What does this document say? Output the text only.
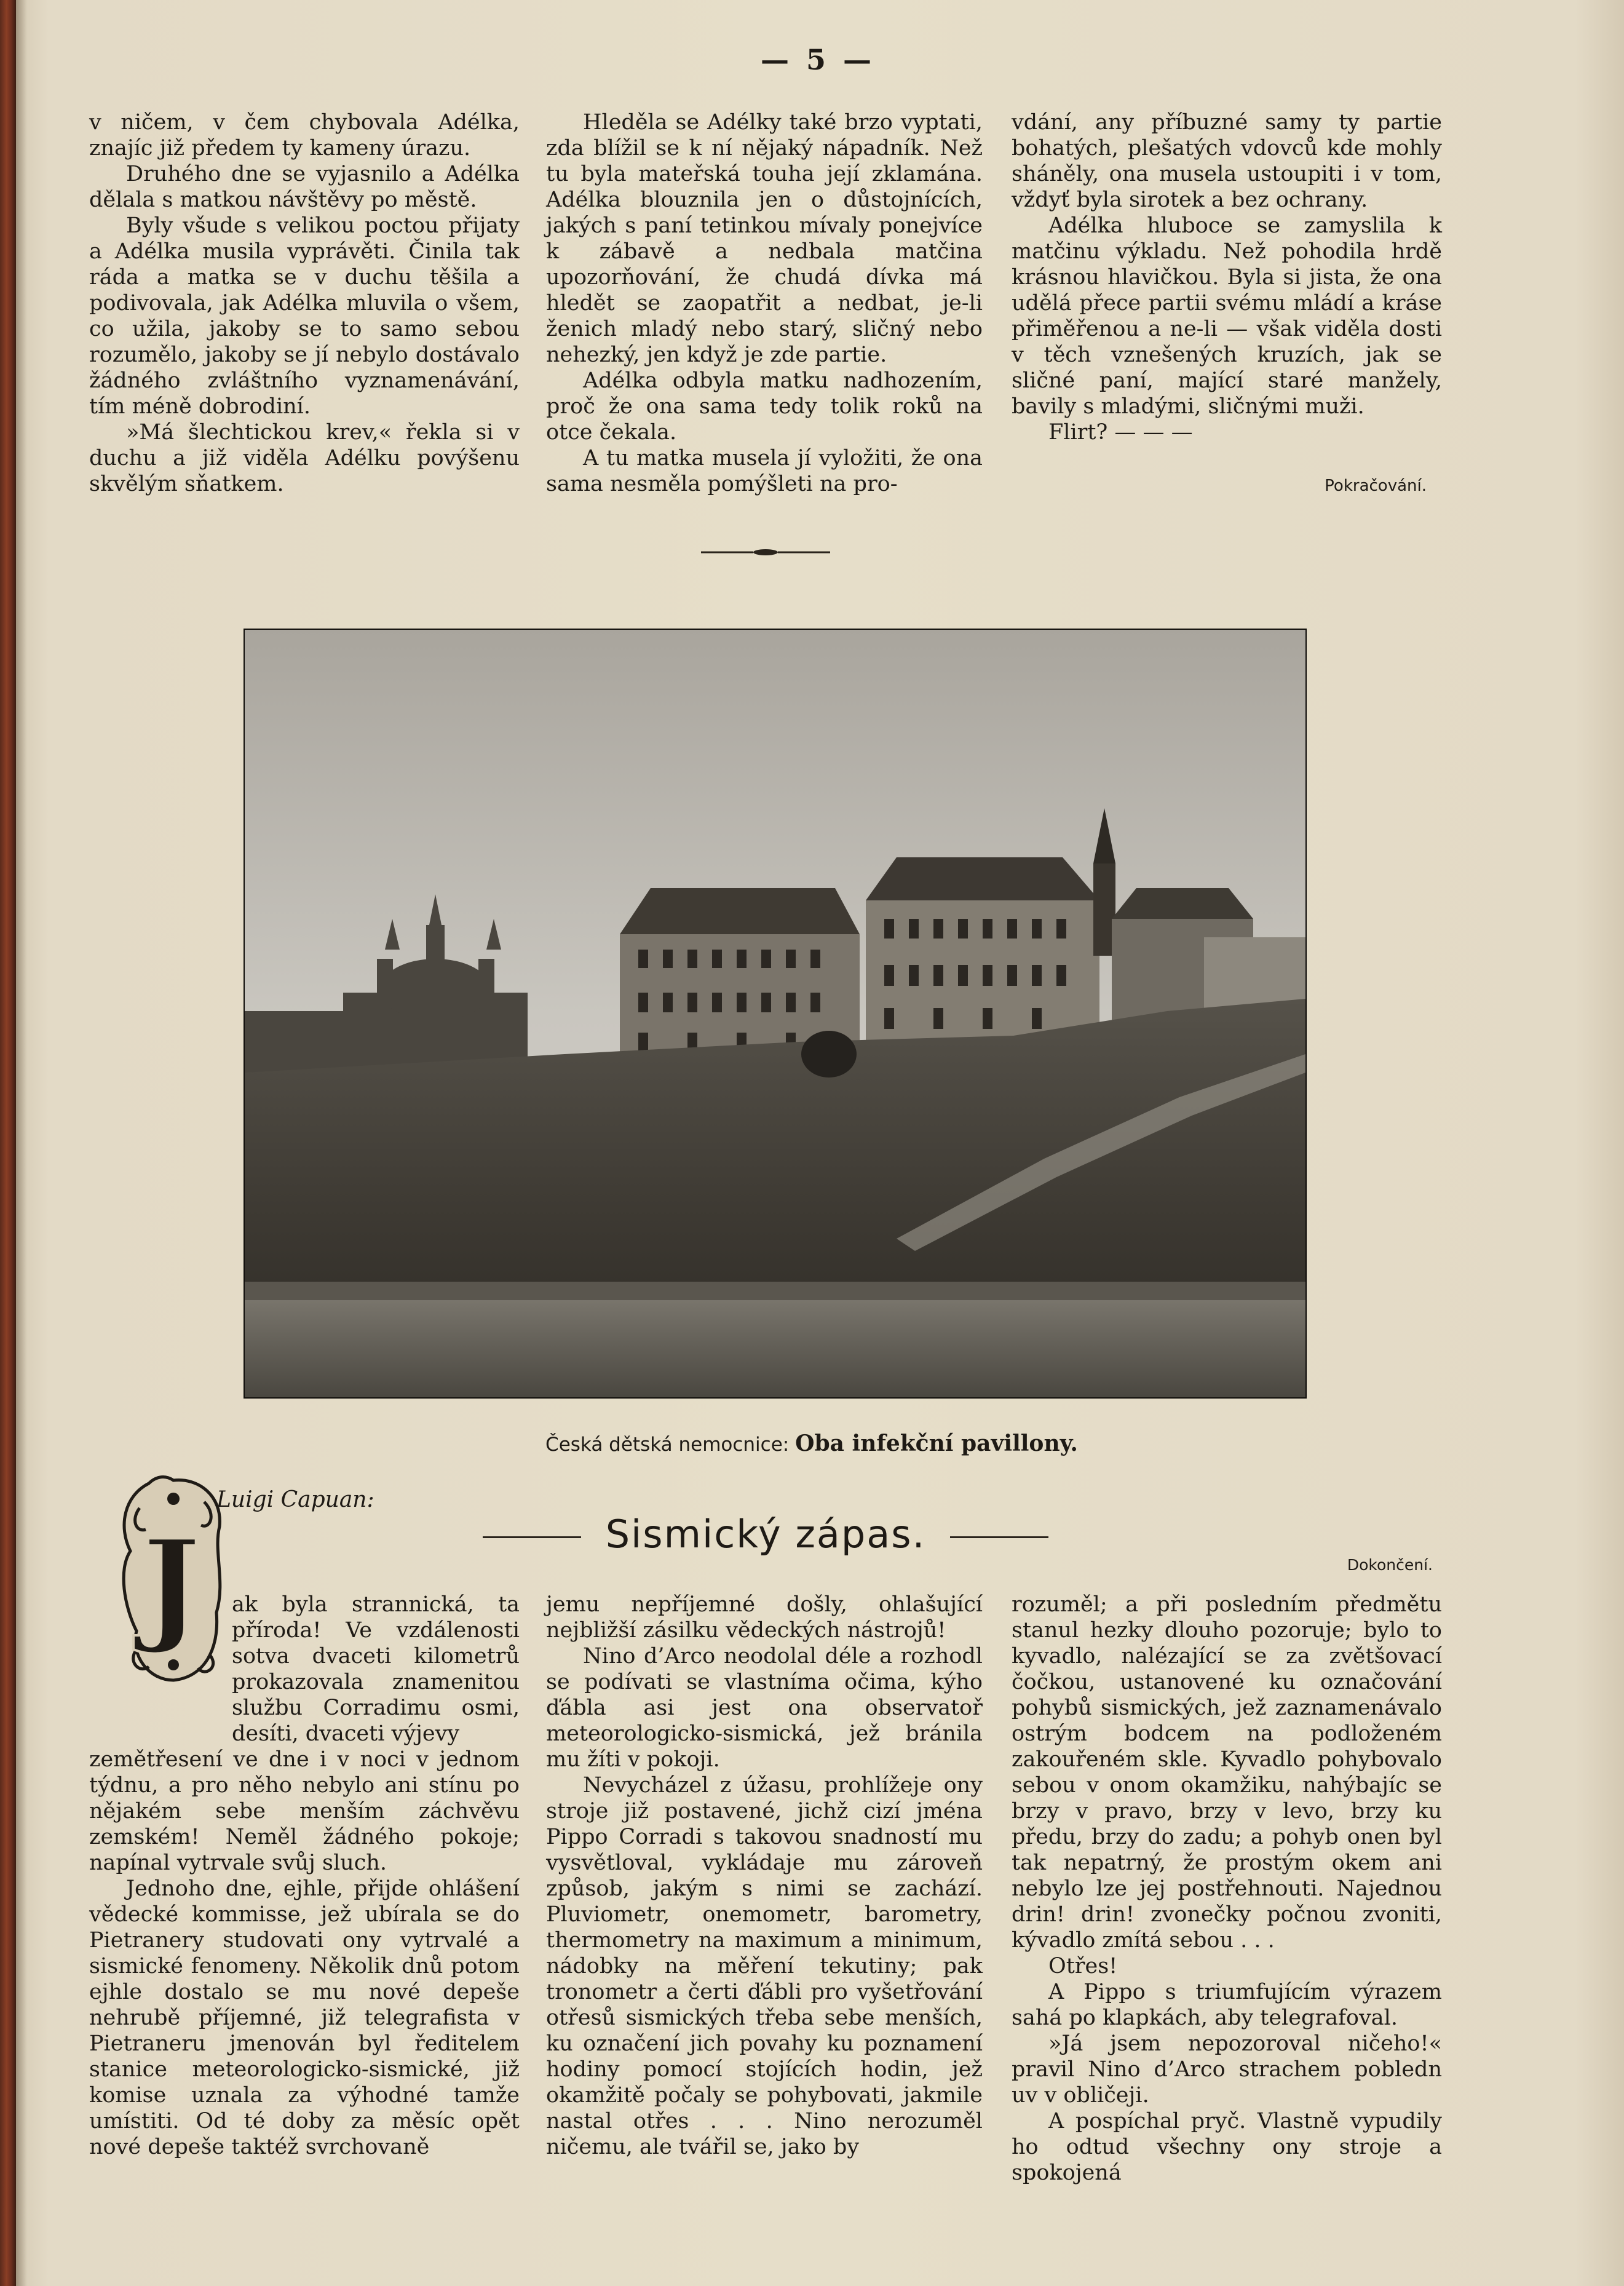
— 5 —

v ničem, v čem chybovala Adélka, znajíc již předem ty kameny úrazu.

Druhého dne se vyjasnilo a Adélka dělala s matkou návštěvy po městě.

Byly všude s velikou poctou přijaty a Adélka musila vyprávěti. Činila tak ráda a matka se v duchu těšila a podivovala, jak Adélka mluvila o všem, co užila, jakoby se to samo sebou rozumělo, jakoby se jí nebylo dostávalo žádného zvláštního vyznamenávání, tím méně dobrodiní.

»Má šlechtickou krev,« řekla si v duchu a již viděla Adélku povýšenu skvělým sňatkem.

Hleděla se Adélky také brzo vyptati, zda blížil se k ní nějaký nápadník. Než tu byla mateřská touha její zklamána. Adélka blouznila jen o důstojnících, jakých s paní tetinkou mívaly ponejvíce k zábavě a nedbala matčina upozorňování, že chudá dívka má hledět se zaopatřit a nedbat, je-li ženich mladý nebo starý, sličný nebo nehezký, jen když je zde partie.

Adélka odbyla matku nadhozením, proč že ona sama tedy tolik roků na otce čekala.

A tu matka musela jí vyložiti, že ona sama nesměla pomýšleti na pro-

vdání, any příbuzné samy ty partie bohatých, plešatých vdovců kde mohly sháněly, ona musela ustoupiti i v tom, vždyť byla sirotek a bez ochrany.

Adélka hluboce se zamyslila k matčinu výkladu. Než pohodila hrdě krásnou hlavičkou. Byla si jista, že ona udělá přece partii svému mládí a kráse přiměřenou a ne-li — však viděla dosti v těch vznešených kruzích, jak se sličné paní, mající staré manžely, bavily s mladými, sličnými muži.

Flirt? — — —

Pokračování.
Česká dětská nemocnice: Oba infekční pavillony.
J
Luigi Capuan:
Sismický zápas.
Dokončení.

ak byla strannická, ta příroda! Ve vzdálenosti sotva dvaceti kilometrů prokazovala znamenitou službu Corradimu osmi, desíti, dvaceti výjevy

zemětřesení ve dne i v noci v jednom týdnu, a pro něho nebylo ani stínu po nějakém sebe menším záchvěvu zemském! Neměl žádného pokoje; napínal vytrvale svůj sluch.

Jednoho dne, ejhle, přijde ohlášení vědecké kommisse, jež ubírala se do Pietranery studovati ony vytrvalé a sismické fenomeny. Několik dnů potom ejhle dostalo se mu nové depeše nehrubě příjemné, již telegrafista v Pietraneru jmenován byl ředitelem stanice meteorologicko-sismické, již komise uznala za výhodné tamže umístiti. Od té doby za měsíc opět nové depeše taktéž svrchovaně

jemu nepříjemné došly, ohlašující nejbližší zásilku vědeckých nástrojů!

Nino d’Arco neodolal déle a rozhodl se podívati se vlastníma očima, kýho ďábla asi jest ona observatoř meteorologicko-sismická, jež bránila mu žíti v pokoji.

Nevycházel z úžasu, prohlížeje ony stroje již postavené, jichž cizí jména Pippo Corradi s takovou snadností mu vysvětloval, vykládaje mu zároveň způsob, jakým s nimi se zachází. Pluviometr, onemometr, barometry, thermometry na maximum a minimum, nádobky na měření tekutiny; pak tronometr a čerti ďábli pro vyšetřování otřesů sismických třeba sebe menších, ku označení jich povahy ku poznamení hodiny pomocí stojících hodin, jež okamžitě počaly se pohybovati, jakmile nastal otřes . . . Nino nerozuměl ničemu, ale tvářil se, jako by

rozuměl; a při posledním předmětu stanul hezky dlouho pozoruje; bylo to kyvadlo, nalézající se za zvětšovací čočkou, ustanovené ku označování pohybů sismických, jež zaznamenávalo ostrým bodcem na podloženém zakouřeném skle. Kyvadlo pohybovalo sebou v onom okamžiku, nahýbajíc se brzy v pravo, brzy v levo, brzy ku předu, brzy do zadu; a pohyb onen byl tak nepatrný, že prostým okem ani nebylo lze jej postřehnouti. Najednou drin! drin! zvonečky počnou zvoniti, kývadlo zmítá sebou . . .

Otřes!

A Pippo s triumfujícím výrazem sahá po klapkách, aby telegrafoval.

»Já jsem nepozoroval ničeho!« pravil Nino d’Arco strachem pobledn uv v obličeji.

A pospíchal pryč. Vlastně vypudily ho odtud všechny ony stroje a spokojená
